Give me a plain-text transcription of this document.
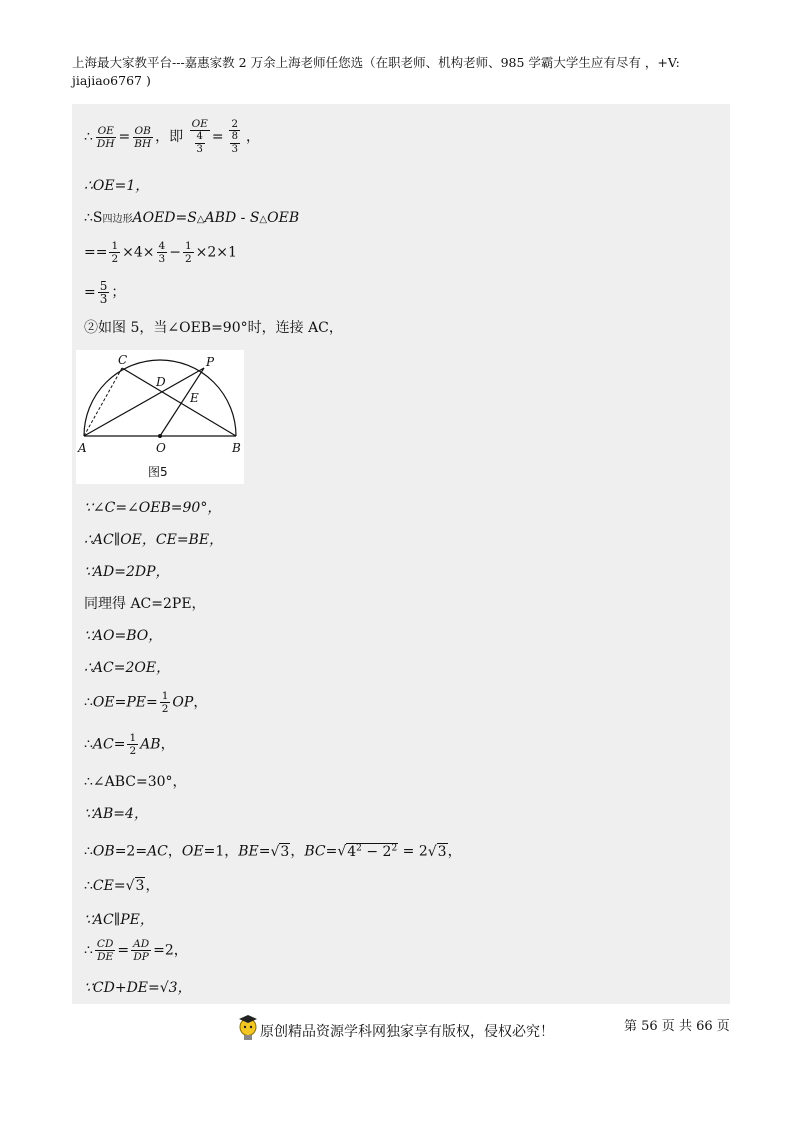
上海最大家教平台---嘉惠家教 2 万余上海老师任您选（在职老师、机构老师、985 学霸大学生应有尽有 ，+V:
jiajiao6767 )
∴ $\frac{OE}{DH} = \frac{OB}{BH}$ ，即 $\frac{OE}{\frac{4}{3}} = \frac{2}{\frac{8}{3}}$ ，
∴OE=1，
∴S四边形AOED=S△ABD - S△OEB
== $\frac{1}{2} \times 4\times \frac{4}{3} - \frac{1}{2} \times 2\times 1$
= $\frac{5}{3}$ ；
②如图 5，当∠OEB=90°时，连接 AC，
C	P
D
E
A	O	B
图5
∵∠C=∠OEB=90°，
∴AC∥OE，CE=BE，
∵AD=2DP，
同理得 AC=2PE，
∵AO=BO，
∴AC=2OE，
∴OE=PE= $\frac{1}{2}$ OP，
∴AC= $\frac{1}{2}$ AB，
∴∠ABC=30°，
∵AB=4，
∴OB=2=AC，OE=1，BE=√3，$BC=√4^2 - 2^2 = 2√3$，
∴CE=√3，
∵AC∥PE，
∴ $\frac{CD}{DE} = \frac{AD}{DP} =2$，
∵CD+DE=√3，
原创精品资源学科网独家享有版权，侵权必究！	第 56 页 共 66 页
